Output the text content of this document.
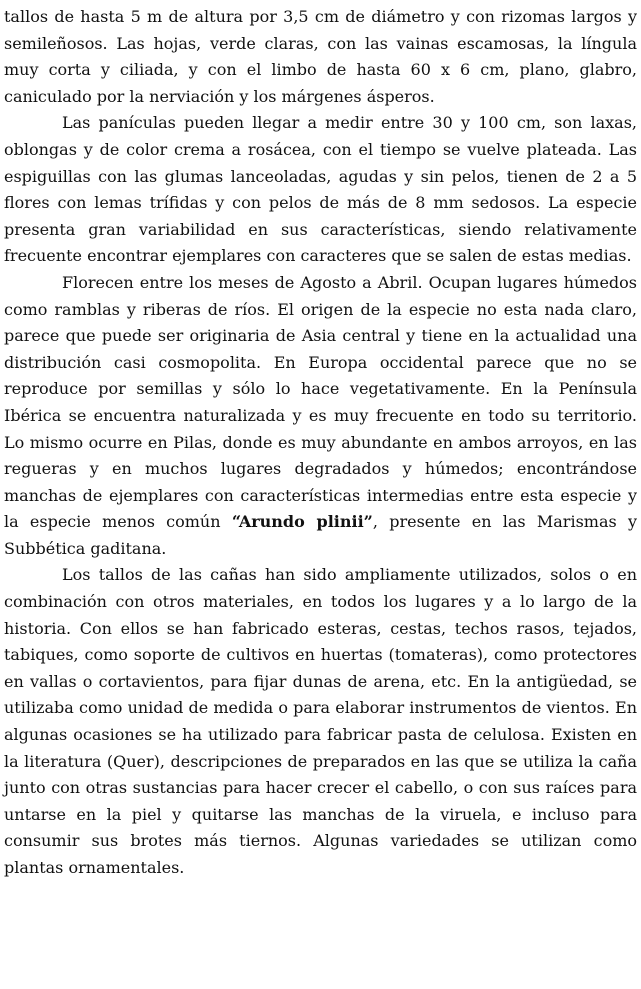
tallos de hasta 5 m de altura por 3,5 cm de diámetro y con rizomas largos y semileñosos. Las hojas, verde claras, con las vainas escamosas, la língula muy corta y ciliada, y con el limbo de hasta 60 x 6 cm, plano, glabro, caniculado por la nerviación y los márgenes ásperos.

Las panículas pueden llegar a medir entre 30 y 100 cm, son laxas, oblongas y de color crema a rosácea, con el tiempo se vuelve plateada. Las espiguillas con las glumas lanceoladas, agudas y sin pelos, tienen de 2 a 5 flores con lemas trífidas y con pelos de más de 8 mm sedosos. La especie presenta gran variabilidad en sus características, siendo relativamente frecuente encontrar ejemplares con caracteres que se salen de estas medias.

Florecen entre los meses de Agosto a Abril. Ocupan lugares húmedos como ramblas y riberas de ríos. El origen de la especie no esta nada claro, parece que puede ser originaria de Asia central y tiene en la actualidad una distribución casi cosmopolita. En Europa occidental parece que no se reproduce por semillas y sólo lo hace vegetativamente. En la Península Ibérica se encuentra naturalizada y es muy frecuente en todo su territorio. Lo mismo ocurre en Pilas, donde es muy abundante en ambos arroyos, en las regueras y en muchos lugares degradados y húmedos; encontrándose manchas de ejemplares con características intermedias entre esta especie y la especie menos común “Arundo plinii”, presente en las Marismas y Subbética gaditana.

Los tallos de las cañas han sido ampliamente utilizados, solos o en combinación con otros materiales, en todos los lugares y a lo largo de la historia. Con ellos se han fabricado esteras, cestas, techos rasos, tejados, tabiques, como soporte de cultivos en huertas (tomateras), como protectores en vallas o cortavientos, para fijar dunas de arena, etc. En la antigüedad, se utilizaba como unidad de medida o para elaborar instrumentos de vientos. En algunas ocasiones se ha utilizado para fabricar pasta de celulosa. Existen en la literatura (Quer), descripciones de preparados en las que se utiliza la caña junto con otras sustancias para hacer crecer el cabello, o con sus raíces para untarse en la piel y quitarse las manchas de la viruela, e incluso para consumir sus brotes más tiernos. Algunas variedades se utilizan como plantas ornamentales.
